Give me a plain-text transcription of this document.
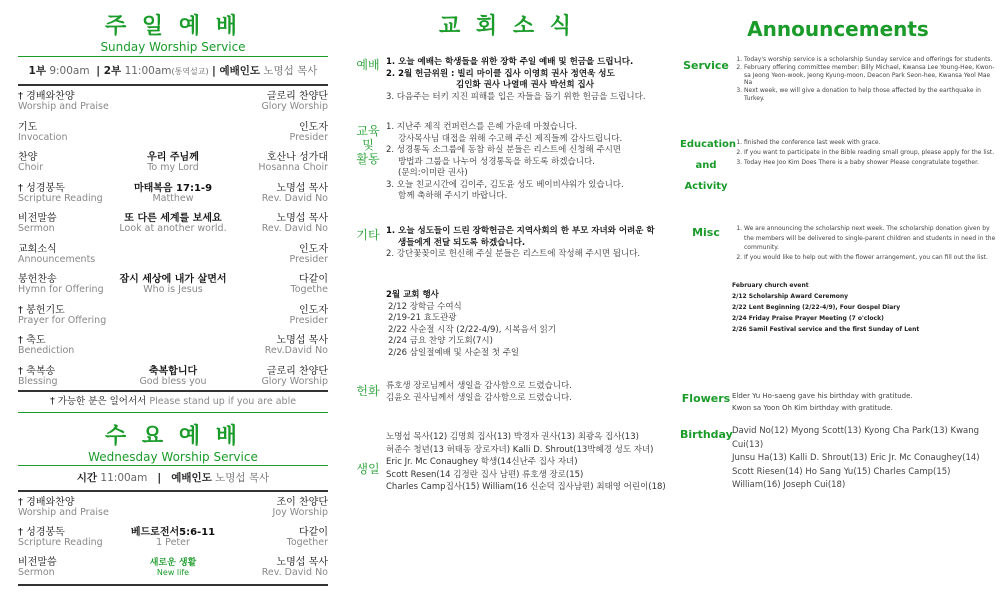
주 일 예 배
Sunday Worship Service
1부 9:00am | 2부 11:00am(통역설교) | 예배인도 노명섭 목사
† 경배와찬양
Worship and Praise
글로리 찬양단
Glory Worship
기도
Invocation
인도자
Presider
찬양
Choir
우리 주님께
To my Lord
호산나 성가대
Hosanna Choir
† 성경봉독
Scripture Reading
마태복음 17:1-9
Matthew
노명섭 목사
Rev. David No
비전말씀
Sermon
또 다른 세계를 보세요
Look at another world.
노명섭 목사
Rev. David No
교회소식
Announcements
인도자
Presider
봉헌찬송
Hymn for Offering
잠시 세상에 내가 살면서
Who is Jesus
다같이
Togethe
† 봉헌기도
Prayer for Offering
인도자
Presider
† 축도
Benediction
노명섭 목사
Rev.David No
† 축복송
Blessing
축복합니다
God bless you
글로리 찬양단
Glory Worship
† 가능한 분은 일어서서 Please stand up if you are able
수 요 예 배
Wednesday Worship Service
시간 11:00am | 예배인도 노명섭 목사
† 경배와찬양
Worship and Praise
조이 찬양단
Joy Worship
† 성경봉독
Scripture Reading
베드로전서5:6-11
1 Peter
다같이
Together
비전말씀
Sermon
새로운 생활
New life
노명섭 목사
Rev. David No
교 회 소 식
예배 1. 오늘 예배는 학생들을 위한 장학 주일 예배 및 헌금을 드립니다.
2. 2월 헌금위원 : 빌리 마이클 집사 이영희 권사 정연욱 성도
김인화 권사 나열매 권사 박선희 집사
3. 다음주는 터키 지진 피해를 입은 자들을 돕기 위한 헌금을 드립니다.
교육
및
활동
1. 지난주 제직 컨퍼런스를 은혜 가운데 마쳤습니다.
강사목사님 대접을 위해 수고해 주신 제직들께 감사드립니다.
2. 성경통독 소그룹에 동참 하실 분들은 리스트에 신청해 주시면
방법과 그룹을 나누어 성경통독을 하도록 하겠습니다.
(문의:이미란 권사)
3. 오늘 친교시간에 김이주, 김도윤 성도 베이비샤워가 있습니다.
함께 축하해 주시기 바랍니다.
기타 1. 오늘 성도들이 드린 장학헌금은 지역사회의 한 부모 자녀와 어려운 학
생들에게 전달 되도록 하겠습니다.
2. 강단꽃꽂이로 헌신해 주실 분들은 리스트에 작성해 주시면 됩니다.
2월 교회 행사
2/12 장학금 수여식
2/19-21 효도관광
2/22 사순절 시작 (2/22-4/9), 시복음서 읽기
2/24 금요 찬양 기도회(7시)
2/26 삼일절예배 및 사순절 첫 주일
헌화 류호생 장로님께서 생일을 감사함으로 드렸습니다.
김윤오 권사님께서 생일을 감사함으로 드렸습니다.
생일
노명섭 목사(12) 김명희 집사(13) 박경자 권사(13) 최광옥 집사(13)
허준수 청년(13 허태동 장로자녀) Kalli D. Shrout(13박혜경 성도 자녀)
Eric Jr. Mc Conaughey 학생(14신난주 집사 자녀)
Scott Resen(14 김정란 집사 남편) 류호생 장로(15)
Charles Camp집사(15) William(16 신순덕 집사남편) 최태영 어린이(18)
Announcements
Service	1. Today's worship service is a scholarship Sunday service and offerings for students.
2. February offering committee member: Billy Michael, Kwansa Lee Young-Hee, Kwon-sa Jeong Yeon-wook, Jeong Kyung-moon, Deacon Park Seon-hee, Kwansa Yeol Mae Na
3. Next week, we will give a donation to help those affected by the earthquake in Turkey.
Education
and
Activity
1. finished the conference last week with grace.
2. If you want to participate in the Bible reading small group, please apply for the list.
3. Today Hee Joo Kim Does There is a baby shower Please congratulate together.
Misc	1. We are announcing the scholarship next week. The scholarship donation given by the members will be delivered to single-parent children and students in need in the community.
2. If you would like to help out with the flower arrangement, you can fill out the list.
February church event
2/12 Scholarship Award Ceremony
2/22 Lent Beginning (2/22-4/9), Four Gospel Diary
2/24 Friday Praise Prayer Meeting (7 o'clock)
2/26 Samil Festival service and the first Sunday of Lent
Flowers Elder Yu Ho-saeng gave his birthday with gratitude.
Kwon sa Yoon Oh Kim birthday with gratitude.
Birthday David No(12) Myong Scott(13) Kyong Cha Park(13) Kwang Cui(13)
Junsu Ha(13) Kalli D. Shrout(13) Eric Jr. Mc Conaughey(14)
Scott Riesen(14) Ho Sang Yu(15) Charles Camp(15)
William(16) Joseph Cui(18)
